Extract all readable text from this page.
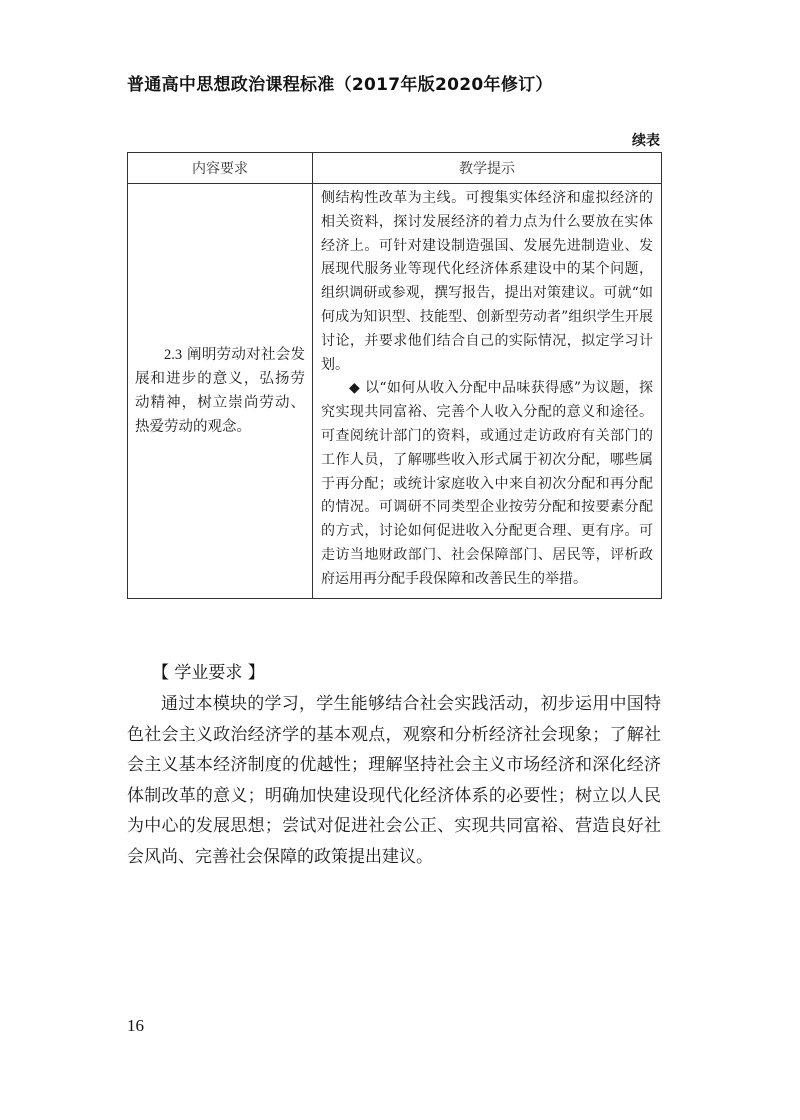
普通高中思想政治课程标准（2017年版2020年修订）
续表
内容要求	教学提示
2.3 阐明劳动对社会发展和进步的意义，弘扬劳动精神，树立崇尚劳动、热爱劳动的观念。	侧结构性改革为主线。可搜集实体经济和虚拟经济的相关资料，探讨发展经济的着力点为什么要放在实体经济上。可针对建设制造强国、发展先进制造业、发展现代服务业等现代化经济体系建设中的某个问题，组织调研或参观，撰写报告，提出对策建议。可就“如何成为知识型、技能型、创新型劳动者”组织学生开展讨论，并要求他们结合自己的实际情况，拟定学习计划。

◆ 以“如何从收入分配中品味获得感”为议题，探究实现共同富裕、完善个人收入分配的意义和途径。可查阅统计部门的资料，或通过走访政府有关部门的工作人员，了解哪些收入形式属于初次分配，哪些属于再分配；或统计家庭收入中来自初次分配和再分配的情况。可调研不同类型企业按劳分配和按要素分配的方式，讨论如何促进收入分配更合理、更有序。可走访当地财政部门、社会保障部门、居民等，评析政府运用再分配手段保障和改善民生的举措。

【 学业要求 】

通过本模块的学习，学生能够结合社会实践活动，初步运用中国特色社会主义政治经济学的基本观点，观察和分析经济社会现象；了解社会主义基本经济制度的优越性；理解坚持社会主义市场经济和深化经济体制改革的意义；明确加快建设现代化经济体系的必要性；树立以人民为中心的发展思想；尝试对促进社会公正、实现共同富裕、营造良好社会风尚、完善社会保障的政策提出建议。

16
